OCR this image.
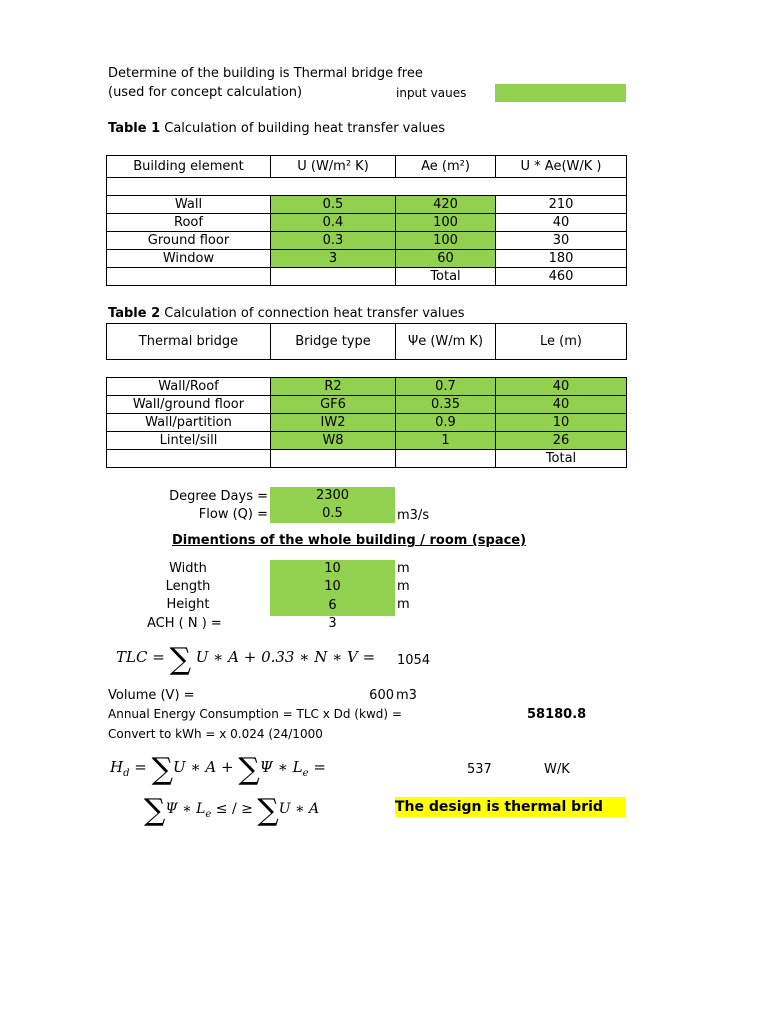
Determine of the building is Thermal bridge free
(used for concept calculation)	input vaues
Table 1 Calculation of building heat transfer values
Building element	U (W/m² K)	Ae (m²)	U * Ae(W/K )

Wall	0.5	420	210
Roof	0.4	100	40
Ground floor	0.3	100	30
Window	3	60	180
		Total	460
Table 2 Calculation of connection heat transfer values
Thermal bridge	Bridge type	Ψe (W/m K)	Le (m)
Wall/Roof	R2	0.7	40
Wall/ground floor	GF6	0.35	40
Wall/partition	IW2	0.9	10
Lintel/sill	W8	1	26
			Total
Degree Days =	2300
Flow (Q) =	0.5	m3/s
Dimentions of the whole building / room (space)
Width	10	m
Length	10	m
Height	6	m
ACH ( N ) =	3
TLC = ∑ U ∗ A + 0.33 ∗ N ∗ V = 1054
Volume (V) =	600 m3
Annual Energy Consumption = TLC x Dd (kwd) =	58180.8
Convert to kWh = x 0.024 (24/1000
$H_d = \sum U$ ∗ A + ∑Ψ ∗ $L_e$ =	537	W/K
∑Ψ ∗ $L_e$ ≤ / ≥ ∑U ∗ A	The design is thermal brid
